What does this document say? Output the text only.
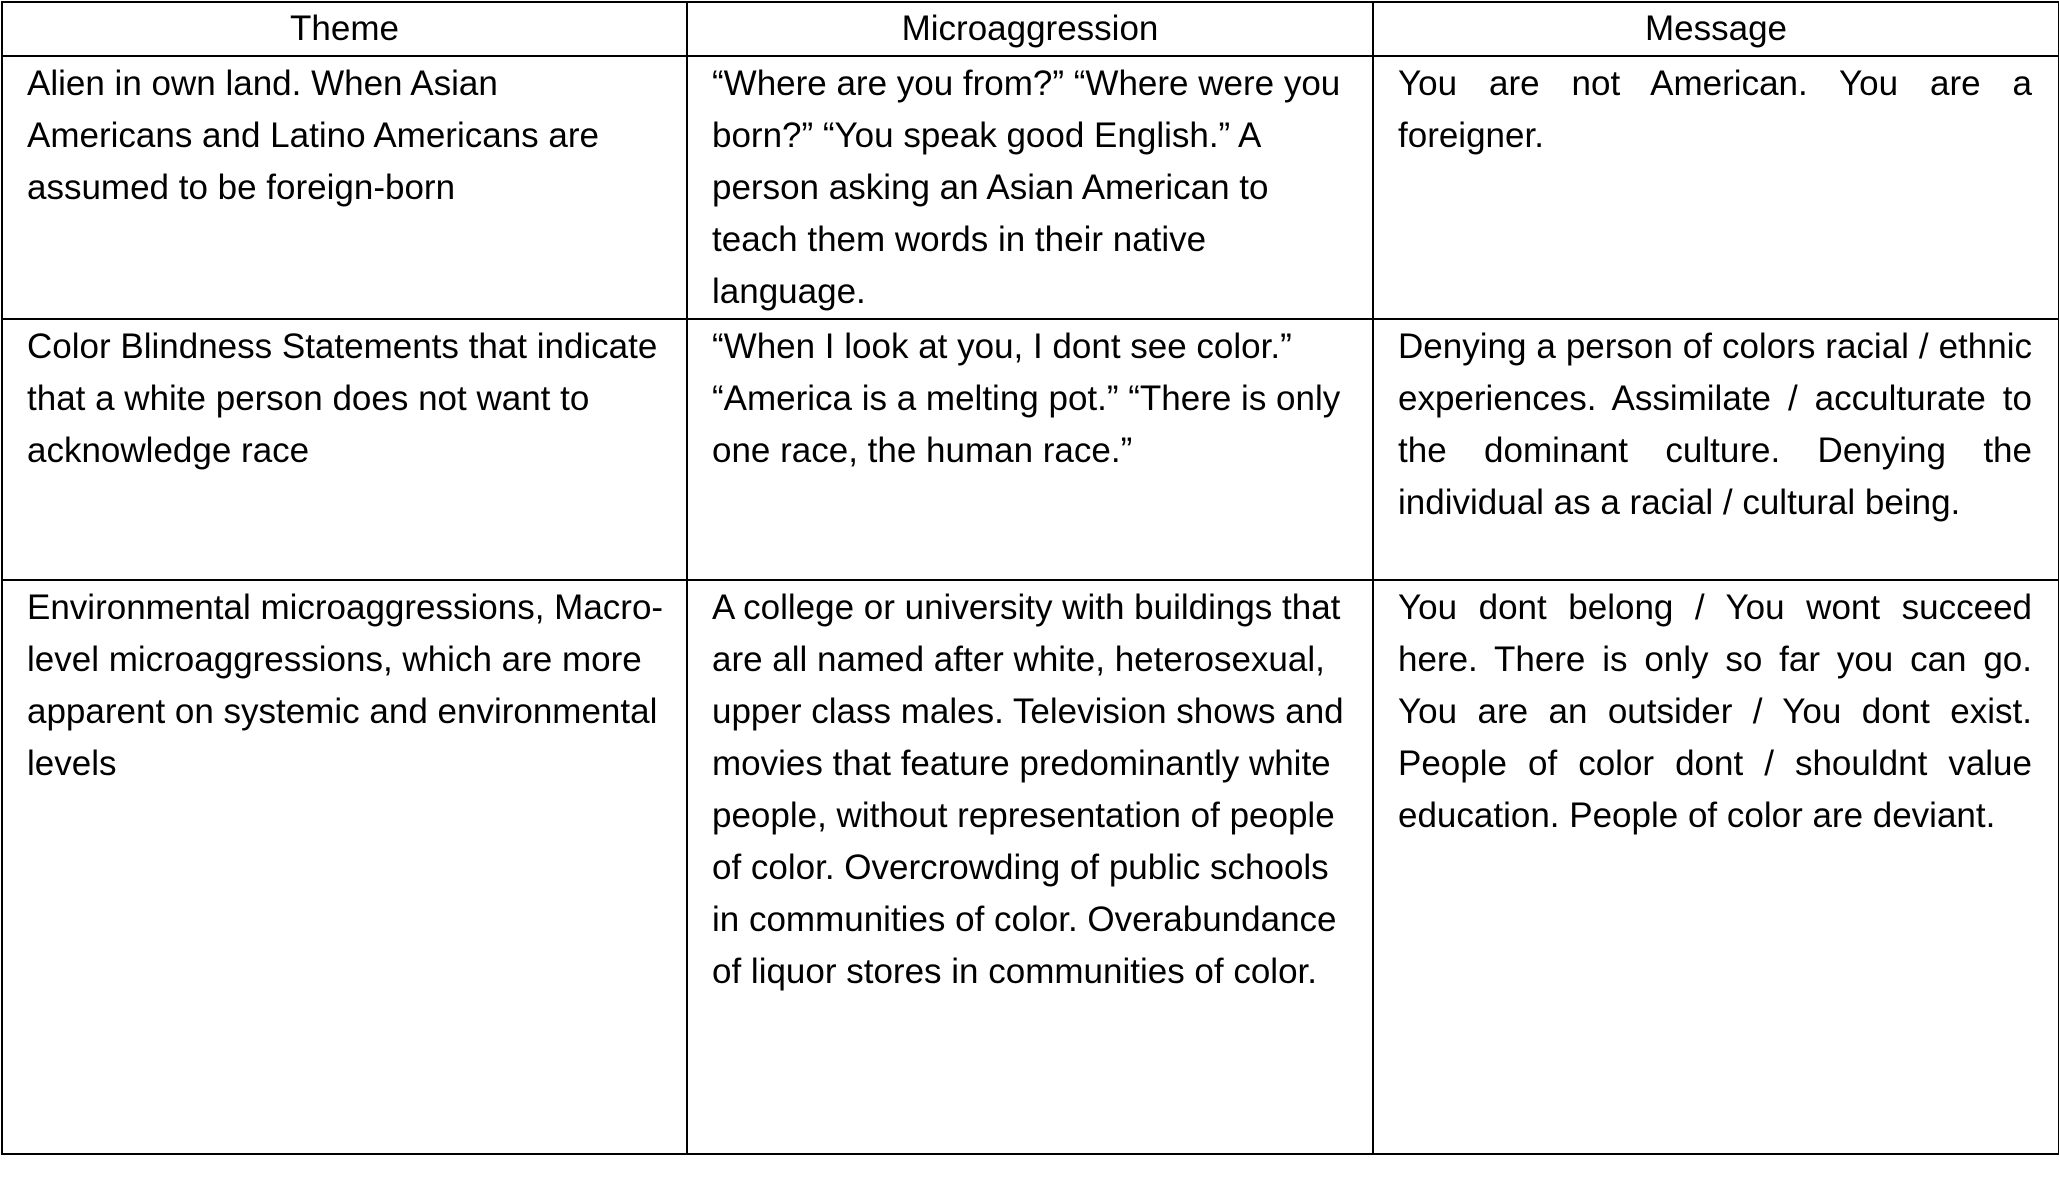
Theme	Microaggression	Message
Alien in own land. When Asian Americans and Latino Americans are assumed to be foreign-born	“Where are you from?” “Where were you born?” “You speak good English.” A person asking an Asian American to teach them words in their native language.	You are not American. You are a foreigner.
Color Blindness Statements that indicate that a white person does not want to acknowledge race	“When I look at you, I dont see color.” “America is a melting pot.” “There is only one race, the human race.”	Denying a person of colors racial / ethnic experiences. Assimilate / acculturate to the dominant culture. Denying the individual as a racial / cultural being.
Environmental microaggressions, Macro-level microaggressions, which are more apparent on systemic and environmental levels	A college or university with buildings that are all named after white, heterosexual, upper class males. Television shows and movies that feature predominantly white people, without representation of people of color. Overcrowding of public schools in communities of color. Overabundance of liquor stores in communities of color.	You dont belong / You wont succeed here. There is only so far you can go. You are an outsider / You dont exist. People of color dont / shouldnt value education. People of color are deviant.
